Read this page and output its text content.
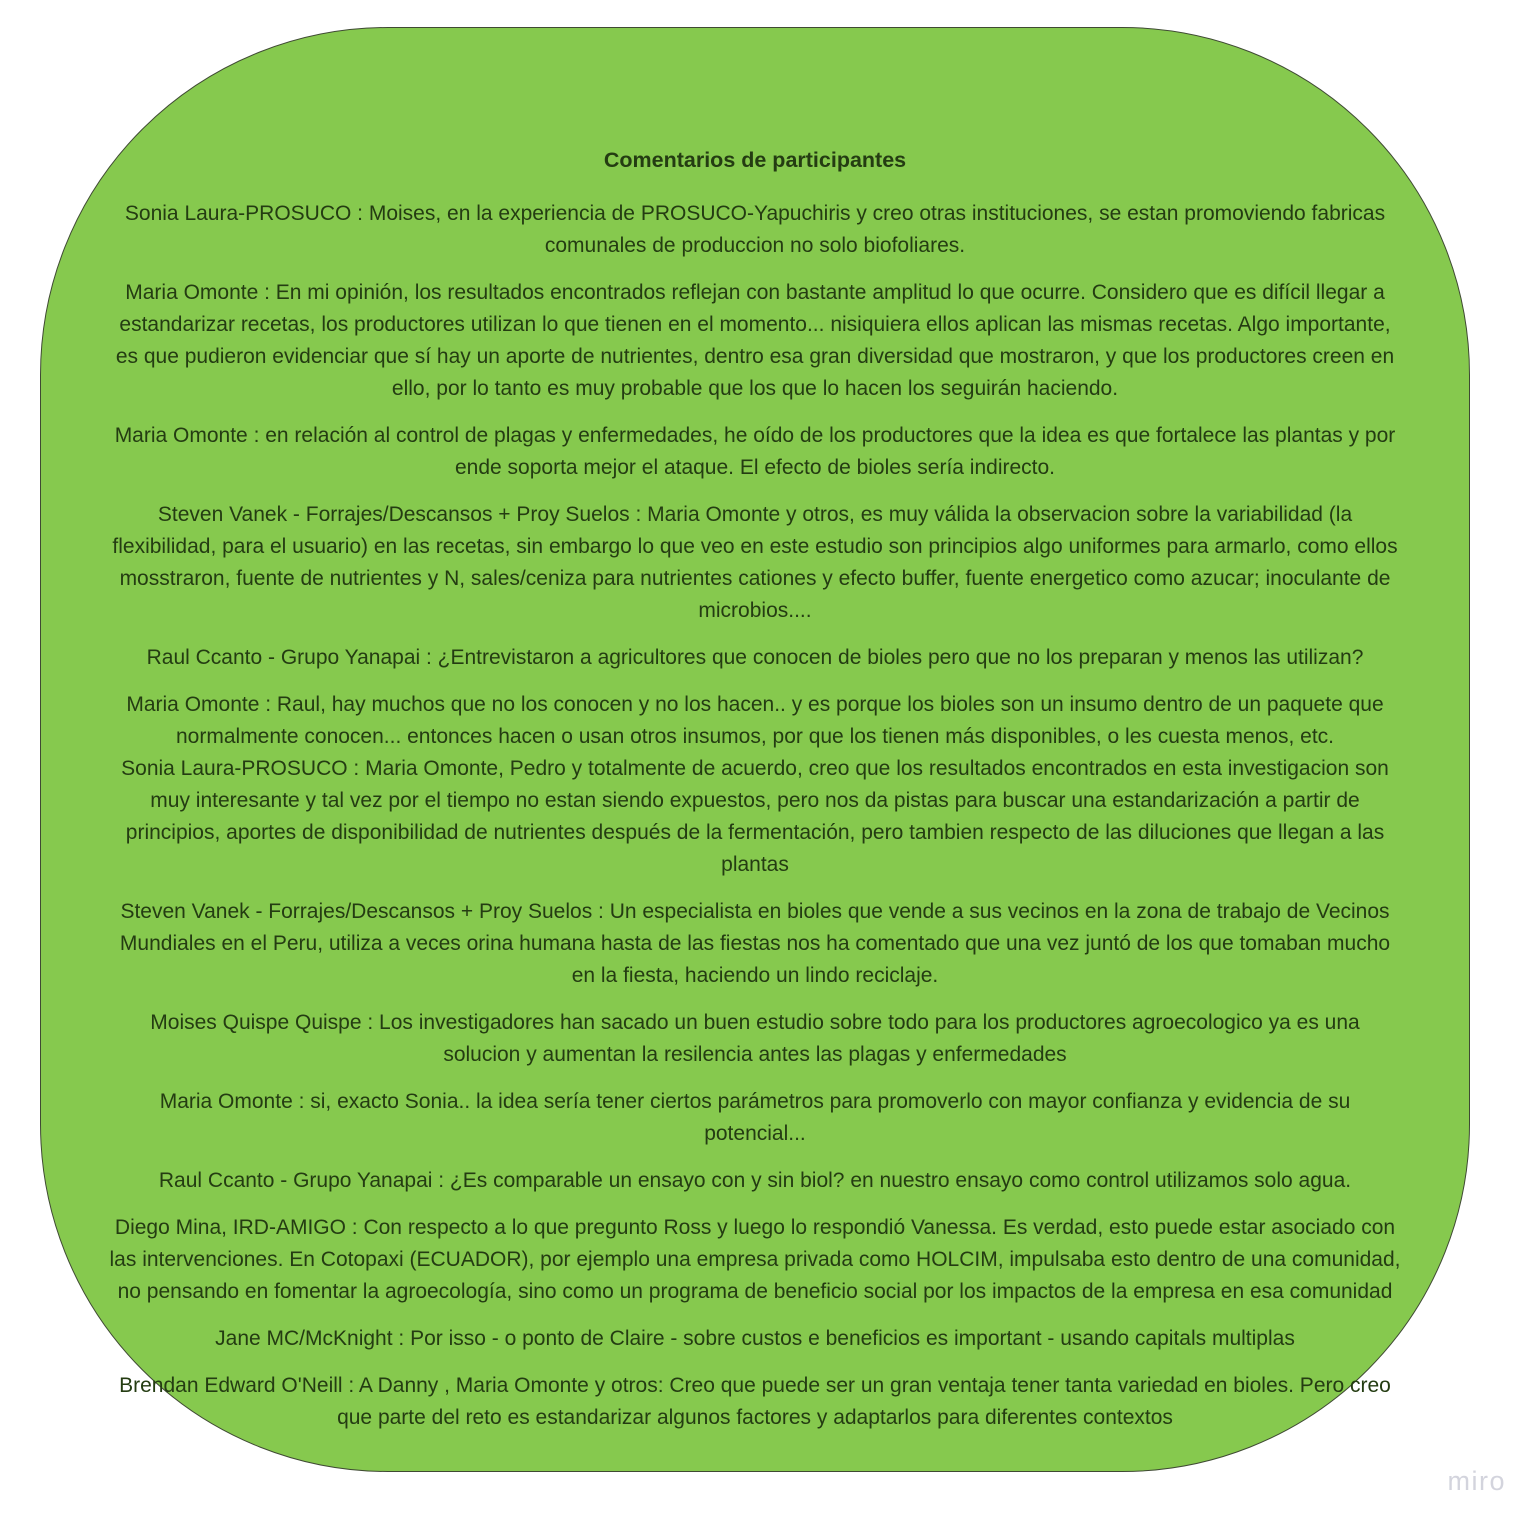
Comentarios de participantes

Sonia Laura-PROSUCO : Moises, en la experiencia de PROSUCO-Yapuchiris y creo otras instituciones, se estan promoviendo fabricas comunales de produccion no solo biofoliares.

Maria Omonte : En mi opinión, los resultados encontrados reflejan con bastante amplitud lo que ocurre. Considero que es difícil llegar a estandarizar recetas, los productores utilizan lo que tienen en el momento... nisiquiera ellos aplican las mismas recetas. Algo importante, es que pudieron evidenciar que sí hay un aporte de nutrientes, dentro esa gran diversidad que mostraron, y que los productores creen en ello, por lo tanto es muy probable que los que lo hacen los seguirán haciendo.

Maria Omonte : en relación al control de plagas y enfermedades, he oído de los productores que la idea es que fortalece las plantas y por ende soporta mejor el ataque. El efecto de bioles sería indirecto.

Steven Vanek - Forrajes/Descansos + Proy Suelos : Maria Omonte y otros, es muy válida la observacion sobre la variabilidad (la flexibilidad, para el usuario) en las recetas, sin embargo lo que veo en este estudio son principios algo uniformes para armarlo, como ellos mosstraron, fuente de nutrientes y N, sales/ceniza para nutrientes cationes y efecto buffer, fuente energetico como azucar; inoculante de microbios....

Raul Ccanto - Grupo Yanapai : ¿Entrevistaron a agricultores que conocen de bioles pero que no los preparan y menos las utilizan?

Maria Omonte : Raul, hay muchos que no los conocen y no los hacen.. y es porque los bioles son un insumo dentro de un paquete que normalmente conocen... entonces hacen o usan otros insumos, por que los tienen más disponibles, o les cuesta menos, etc.

Sonia Laura-PROSUCO : Maria Omonte, Pedro y totalmente de acuerdo, creo que los resultados encontrados en esta investigacion son muy interesante y tal vez por el tiempo no estan siendo expuestos, pero nos da pistas para buscar una estandarización a partir de principios, aportes de disponibilidad de nutrientes después de la fermentación, pero tambien respecto de las diluciones que llegan a las plantas

Steven Vanek - Forrajes/Descansos + Proy Suelos : Un especialista en bioles que vende a sus vecinos en la zona de trabajo de Vecinos Mundiales en el Peru, utiliza a veces orina humana hasta de las fiestas nos ha comentado que una vez juntó de los que tomaban mucho en la fiesta, haciendo un lindo reciclaje.

Moises Quispe Quispe : Los investigadores han sacado un buen estudio sobre todo para los productores agroecologico ya es una solucion y aumentan la resilencia antes las plagas y enfermedades

Maria Omonte : si, exacto Sonia.. la idea sería tener ciertos parámetros para promoverlo con mayor confianza y evidencia de su potencial...

Raul Ccanto - Grupo Yanapai : ¿Es comparable un ensayo con y sin biol? en nuestro ensayo como control utilizamos solo agua.

Diego Mina, IRD-AMIGO : Con respecto a lo que pregunto Ross y luego lo respondió Vanessa. Es verdad, esto puede estar asociado con las intervenciones. En Cotopaxi (ECUADOR), por ejemplo una empresa privada como HOLCIM, impulsaba esto dentro de una comunidad, no pensando en fomentar la agroecología, sino como un programa de beneficio social por los impactos de la empresa en esa comunidad

Jane MC/McKnight : Por isso - o ponto de Claire - sobre custos e beneficios es important - usando capitals multiplas

Brendan Edward O'Neill : A Danny , Maria Omonte y otros: Creo que puede ser un gran ventaja tener tanta variedad en bioles. Pero creo que parte del reto es estandarizar algunos factores y adaptarlos para diferentes contextos

miro
